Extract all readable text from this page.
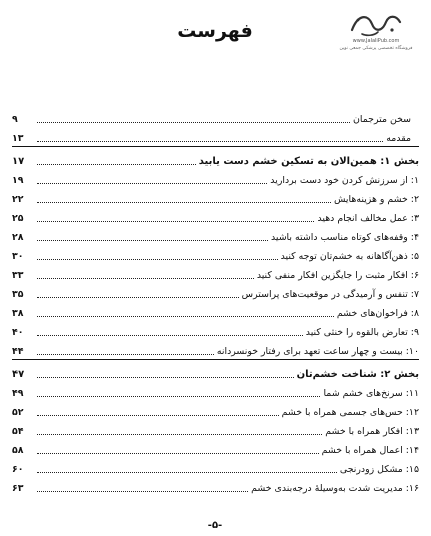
www.JalaliPub.com
فروشگاه تخصصی پزشکی جمعی نوین
فهرست
سخن مترجمان
۹
مقدمه
۱۳
بخش ۱: همین‌الان به تسکین خشم دست یابید
۱۷
۱: از سرزنش کردن خود دست بردارید
۱۹
۲: خشم و هزینه‌هایش
۲۲
۳: عمل مخالف انجام دهید
۲۵
۴: وقفه‌های کوتاه مناسب داشته باشید
۲۸
۵: ذهن‌آگاهانه به خشم‌تان توجه کنید
۳۰
۶: افکار مثبت را جایگزین افکار منفی کنید
۳۳
۷: تنفس و آرمیدگی در موقعیت‌های پراسترس
۳۵
۸: فراخوان‌های خشم
۳۸
۹: تعارض بالقوه را خنثی کنید
۴۰
۱۰: بیست و چهار ساعت تعهد برای رفتار خونسردانه
۴۴
بخش ۲: شناخت خشم‌تان
۴۷
۱۱: سرنخ‌های خشم شما
۴۹
۱۲: حس‌های جسمی همراه با خشم
۵۲
۱۳: افکار همراه با خشم
۵۴
۱۴: اعمال همراه با خشم
۵۸
۱۵: مشکل زودرنجی
۶۰
۱۶: مدیریت شدت به‌وسیلهٔ درجه‌بندی خشم
۶۳
-۵-
